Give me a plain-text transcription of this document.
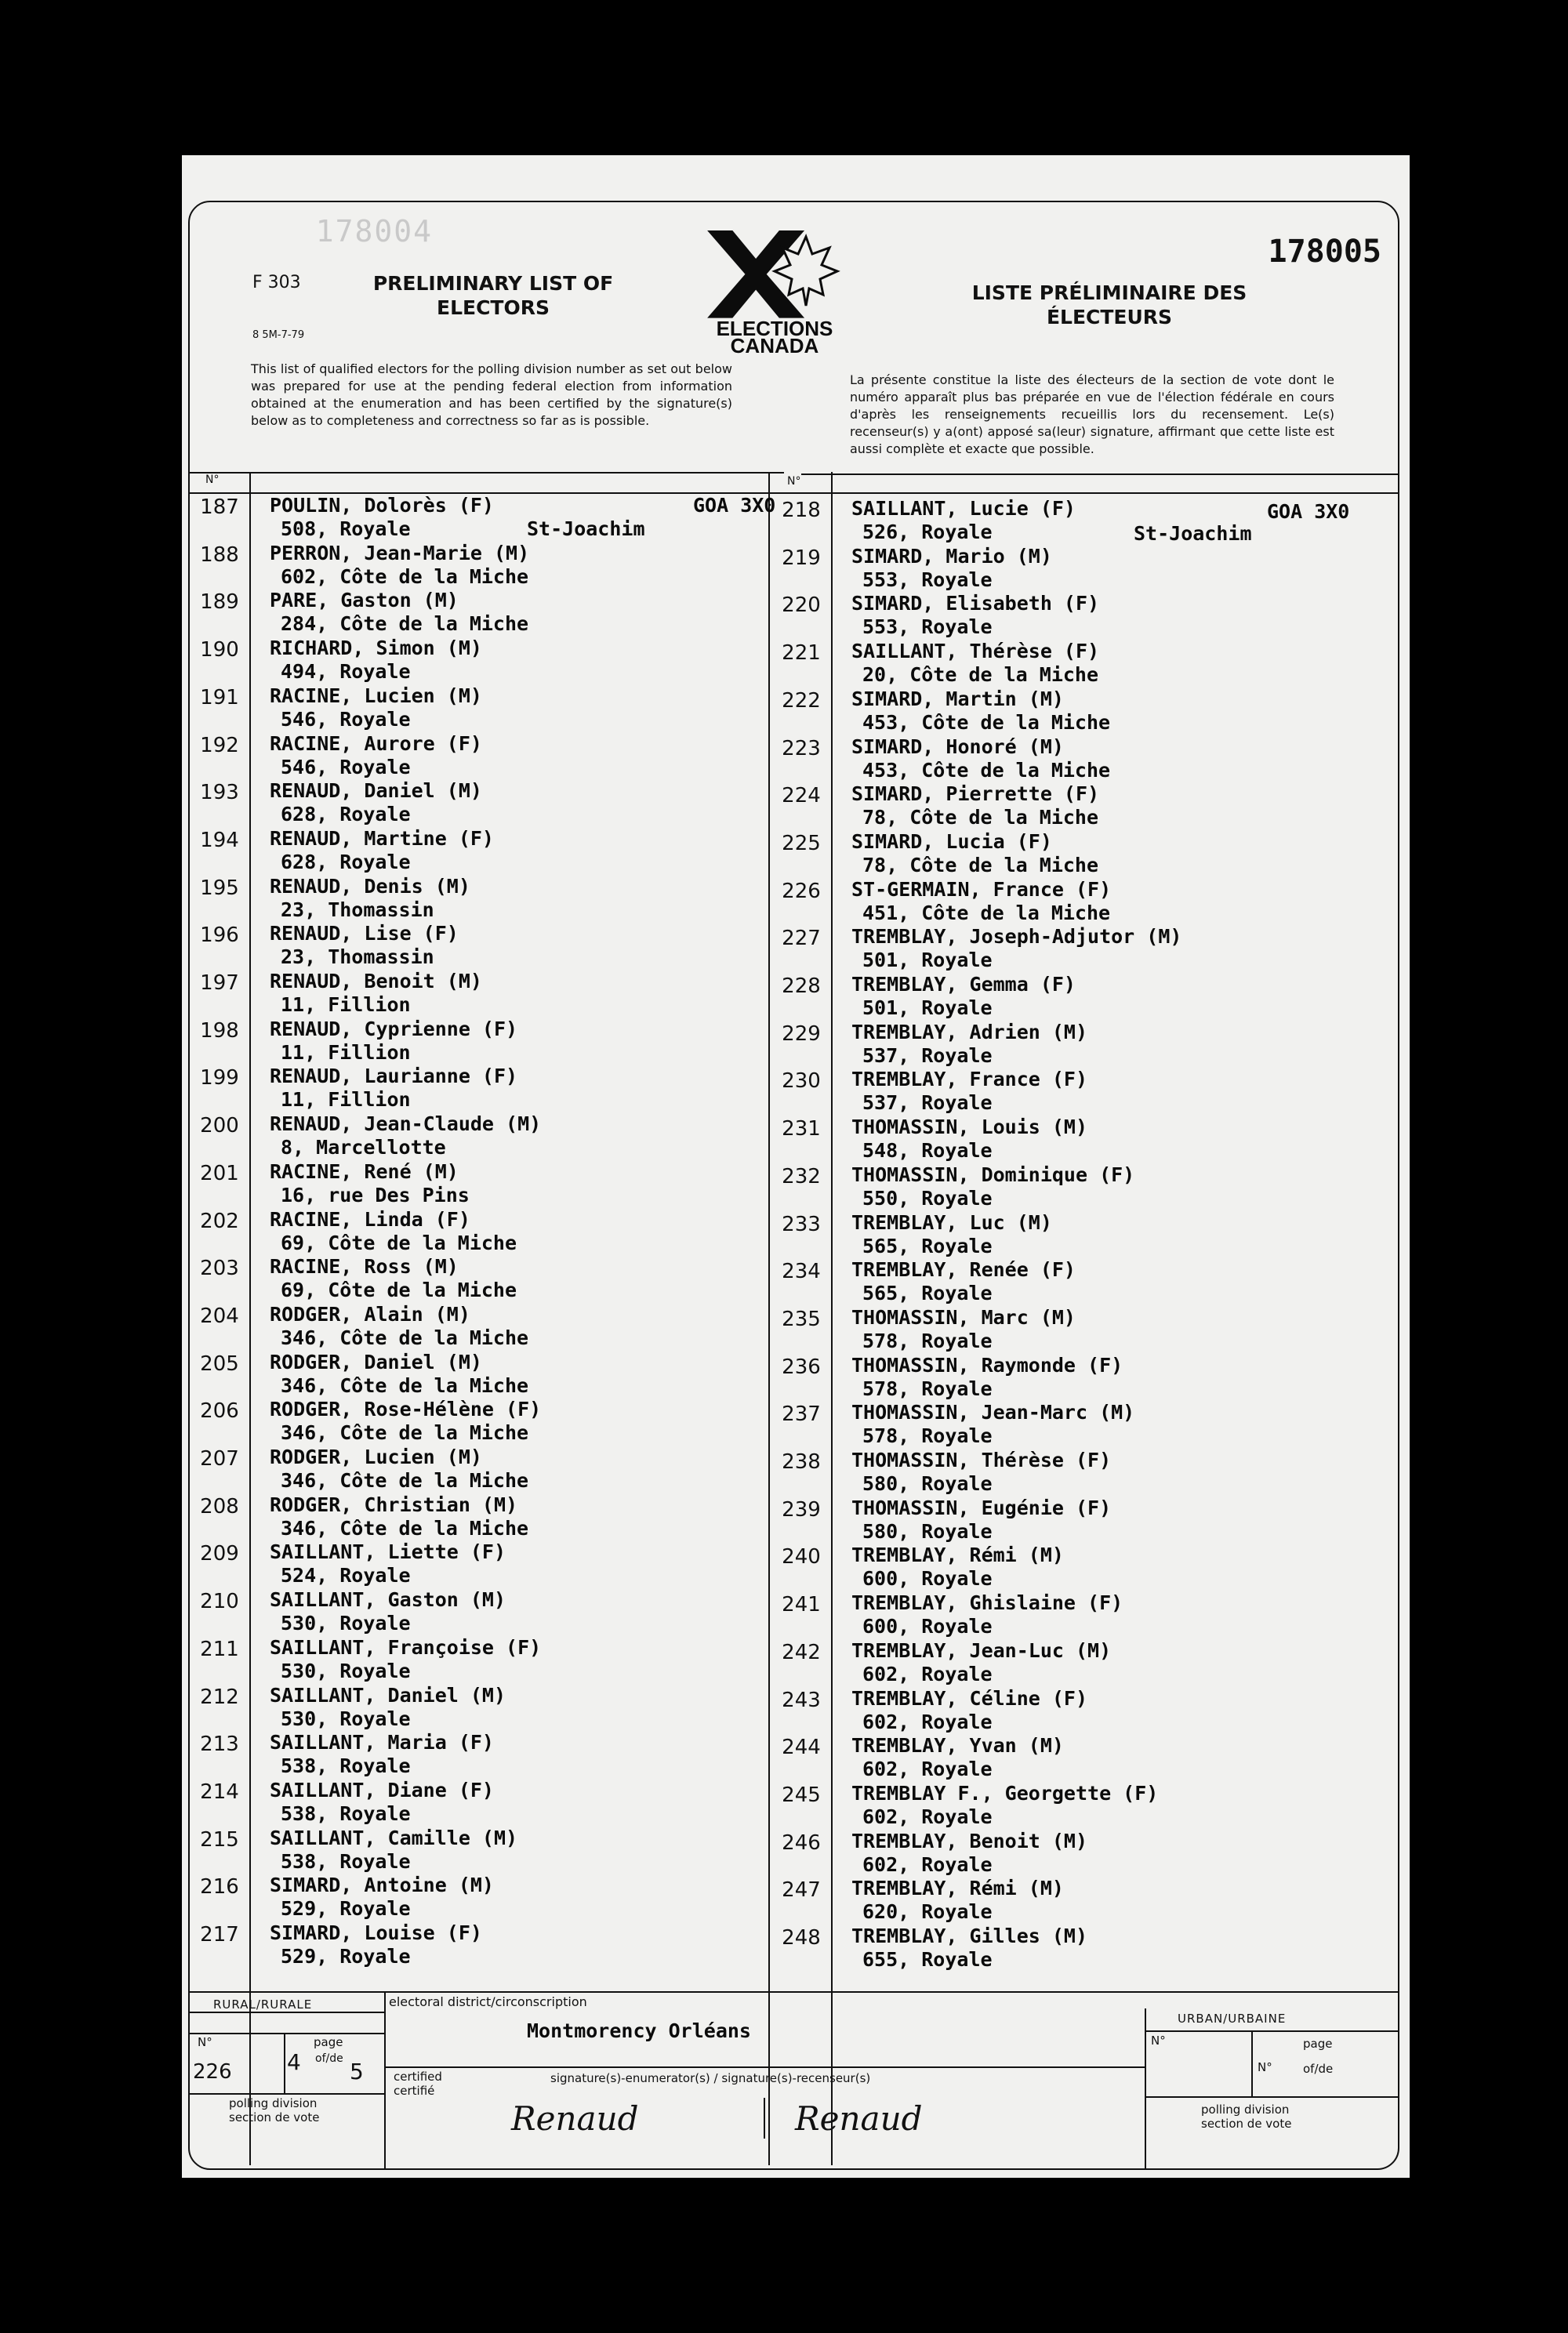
178004
F 303
8 5M-7-79
PRELIMINARY LIST OF ELECTORS
ELECTIONS
CANADA
178005
LISTE PRÉLIMINAIRE DES ÉLECTEURS
This list of qualified electors for the polling division number as set out below was prepared for use at the pending federal election from information obtained at the enumeration and has been certified by the signature(s) below as to completeness and correctness so far as is possible.
La présente constitue la liste des électeurs de la section de vote dont le numéro apparaît plus bas préparée en vue de l'élection fédérale en cours d'après les renseignements recueillis lors du recensement. Le(s) recenseur(s) y a(ont) apposé sa(leur) signature, affirmant que cette liste est aussi complète et exacte que possible.
N°	N°
GOA 3X0
St-Joachim
GOA 3X0
St-Joachim
187	POULIN, Dolorès (F)
508, Royale
188	PERRON, Jean-Marie (M)
602, Côte de la Miche
189	PARE, Gaston (M)
284, Côte de la Miche
190	RICHARD, Simon (M)
494, Royale
191	RACINE, Lucien (M)
546, Royale
192	RACINE, Aurore (F)
546, Royale
193	RENAUD, Daniel (M)
628, Royale
194	RENAUD, Martine (F)
628, Royale
195	RENAUD, Denis (M)
23, Thomassin
196	RENAUD, Lise (F)
23, Thomassin
197	RENAUD, Benoit (M)
11, Fillion
198	RENAUD, Cyprienne (F)
11, Fillion
199	RENAUD, Laurianne (F)
11, Fillion
200	RENAUD, Jean-Claude (M)
8, Marcellotte
201	RACINE, René (M)
16, rue Des Pins
202	RACINE, Linda (F)
69, Côte de la Miche
203	RACINE, Ross (M)
69, Côte de la Miche
204	RODGER, Alain (M)
346, Côte de la Miche
205	RODGER, Daniel (M)
346, Côte de la Miche
206	RODGER, Rose-Hélène (F)
346, Côte de la Miche
207	RODGER, Lucien (M)
346, Côte de la Miche
208	RODGER, Christian (M)
346, Côte de la Miche
209	SAILLANT, Liette (F)
524, Royale
210	SAILLANT, Gaston (M)
530, Royale
211	SAILLANT, Françoise (F)
530, Royale
212	SAILLANT, Daniel (M)
530, Royale
213	SAILLANT, Maria (F)
538, Royale
214	SAILLANT, Diane (F)
538, Royale
215	SAILLANT, Camille (M)
538, Royale
216	SIMARD, Antoine (M)
529, Royale
217	SIMARD, Louise (F)
529, Royale
218	SAILLANT, Lucie (F)
526, Royale
219	SIMARD, Mario (M)
553, Royale
220	SIMARD, Elisabeth (F)
553, Royale
221	SAILLANT, Thérèse (F)
20, Côte de la Miche
222	SIMARD, Martin (M)
453, Côte de la Miche
223	SIMARD, Honoré (M)
453, Côte de la Miche
224	SIMARD, Pierrette (F)
78, Côte de la Miche
225	SIMARD, Lucia (F)
78, Côte de la Miche
226	ST-GERMAIN, France (F)
451, Côte de la Miche
227	TREMBLAY, Joseph-Adjutor (M)
501, Royale
228	TREMBLAY, Gemma (F)
501, Royale
229	TREMBLAY, Adrien (M)
537, Royale
230	TREMBLAY, France (F)
537, Royale
231	THOMASSIN, Louis (M)
548, Royale
232	THOMASSIN, Dominique (F)
550, Royale
233	TREMBLAY, Luc (M)
565, Royale
234	TREMBLAY, Renée (F)
565, Royale
235	THOMASSIN, Marc (M)
578, Royale
236	THOMASSIN, Raymonde (F)
578, Royale
237	THOMASSIN, Jean-Marc (M)
578, Royale
238	THOMASSIN, Thérèse (F)
580, Royale
239	THOMASSIN, Eugénie (F)
580, Royale
240	TREMBLAY, Rémi (M)
600, Royale
241	TREMBLAY, Ghislaine (F)
600, Royale
242	TREMBLAY, Jean-Luc (M)
602, Royale
243	TREMBLAY, Céline (F)
602, Royale
244	TREMBLAY, Yvan (M)
602, Royale
245	TREMBLAY F., Georgette (F)
602, Royale
246	TREMBLAY, Benoit (M)
602, Royale
247	TREMBLAY, Rémi (M)
620, Royale
248	TREMBLAY, Gilles (M)
655, Royale
RURAL/RURALE
N°	page
226	4 of/de 5
polling division
section de vote
electoral district/circonscription
Montmorency Orléans
certified
certifié
signature(s)-enumerator(s) / signature(s)-recenseur(s)
Renaud	Renaud
URBAN/URBAINE
N°	page
N°	of/de
polling division
section de vote
